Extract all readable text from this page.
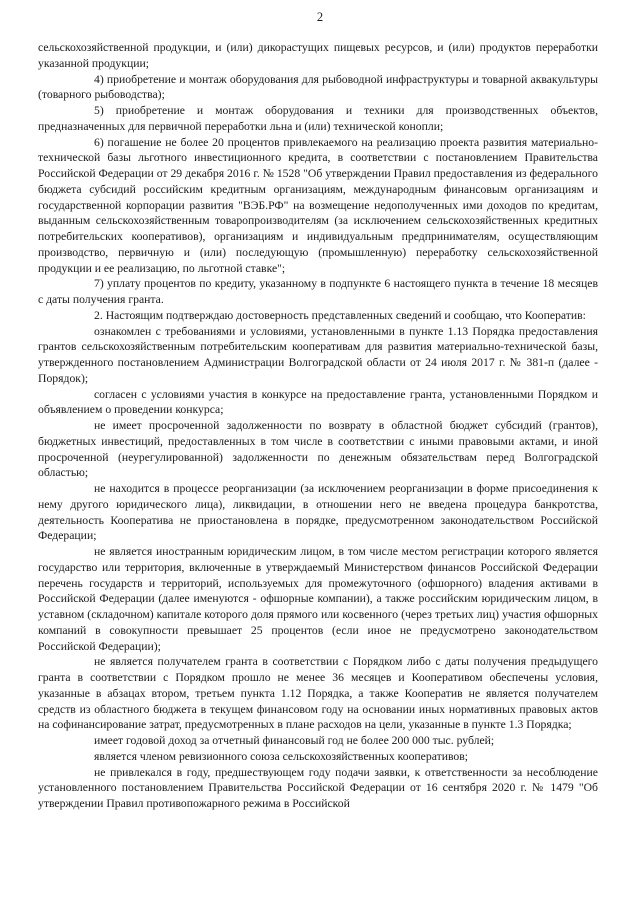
2

сельскохозяйственной продукции, и (или) дикорастущих пищевых ресурсов, и (или) продуктов переработки указанной продукции;

4) приобретение и монтаж оборудования для рыбоводной инфраструктуры и товарной аквакультуры (товарного рыбоводства);

5) приобретение и монтаж оборудования и техники для производственных объектов, предназначенных для первичной переработки льна и (или) технической конопли;

6) погашение не более 20 процентов привлекаемого на реализацию проекта развития материально-технической базы льготного инвестиционного кредита, в соответствии с постановлением Правительства Российской Федерации от 29 декабря 2016 г. № 1528 "Об утверждении Правил предоставления из федерального бюджета субсидий российским кредитным организациям, международным финансовым организациям и государственной корпорации развития "ВЭБ.РФ" на возмещение недополученных ими доходов по кредитам, выданным сельскохозяйственным товаропроизводителям (за исключением сельскохозяйственных кредитных потребительских кооперативов), организациям и индивидуальным предпринимателям, осуществляющим производство, первичную и (или) последующую (промышленную) переработку сельскохозяйственной продукции и ее реализацию, по льготной ставке";

7) уплату процентов по кредиту, указанному в подпункте 6 настоящего пункта в течение 18 месяцев с даты получения гранта.

2. Настоящим подтверждаю достоверность представленных сведений и сообщаю, что Кооператив:

ознакомлен с требованиями и условиями, установленными в пункте 1.13 Порядка предоставления грантов сельскохозяйственным потребительским кооперативам для развития материально-технической базы, утвержденного постановлением Администрации Волгоградской области от 24 июля 2017 г. № 381-п (далее - Порядок);

согласен с условиями участия в конкурсе на предоставление гранта, установленными Порядком и объявлением о проведении конкурса;

не имеет просроченной задолженности по возврату в областной бюджет субсидий (грантов), бюджетных инвестиций, предоставленных в том числе в соответствии с иными правовыми актами, и иной просроченной (неурегулированной) задолженности по денежным обязательствам перед Волгоградской областью;

не находится в процессе реорганизации (за исключением реорганизации в форме присоединения к нему другого юридического лица), ликвидации, в отношении него не введена процедура банкротства, деятельность Кооператива не приостановлена в порядке, предусмотренном законодательством Российской Федерации;

не является иностранным юридическим лицом, в том числе местом регистрации которого является государство или территория, включенные в утверждаемый Министерством финансов Российской Федерации перечень государств и территорий, используемых для промежуточного (офшорного) владения активами в Российской Федерации (далее именуются - офшорные компании), а также российским юридическим лицом, в уставном (складочном) капитале которого доля прямого или косвенного (через третьих лиц) участия офшорных компаний в совокупности превышает 25 процентов (если иное не предусмотрено законодательством Российской Федерации);

не является получателем гранта в соответствии с Порядком либо с даты получения предыдущего гранта в соответствии с Порядком прошло не менее 36 месяцев и Кооперативом обеспечены условия, указанные в абзацах втором, третьем пункта 1.12 Порядка, а также Кооператив не является получателем средств из областного бюджета в текущем финансовом году на основании иных нормативных правовых актов на софинансирование затрат, предусмотренных в плане расходов на цели, указанные в пункте 1.3 Порядка;

имеет годовой доход за отчетный финансовый год не более 200 000 тыс. рублей;

является членом ревизионного союза сельскохозяйственных кооперативов;

не привлекался в году, предшествующем году подачи заявки, к ответственности за несоблюдение установленного постановлением Правительства Российской Федерации от 16 сентября 2020 г. № 1479 "Об утверждении Правил противопожарного режима в Российской
